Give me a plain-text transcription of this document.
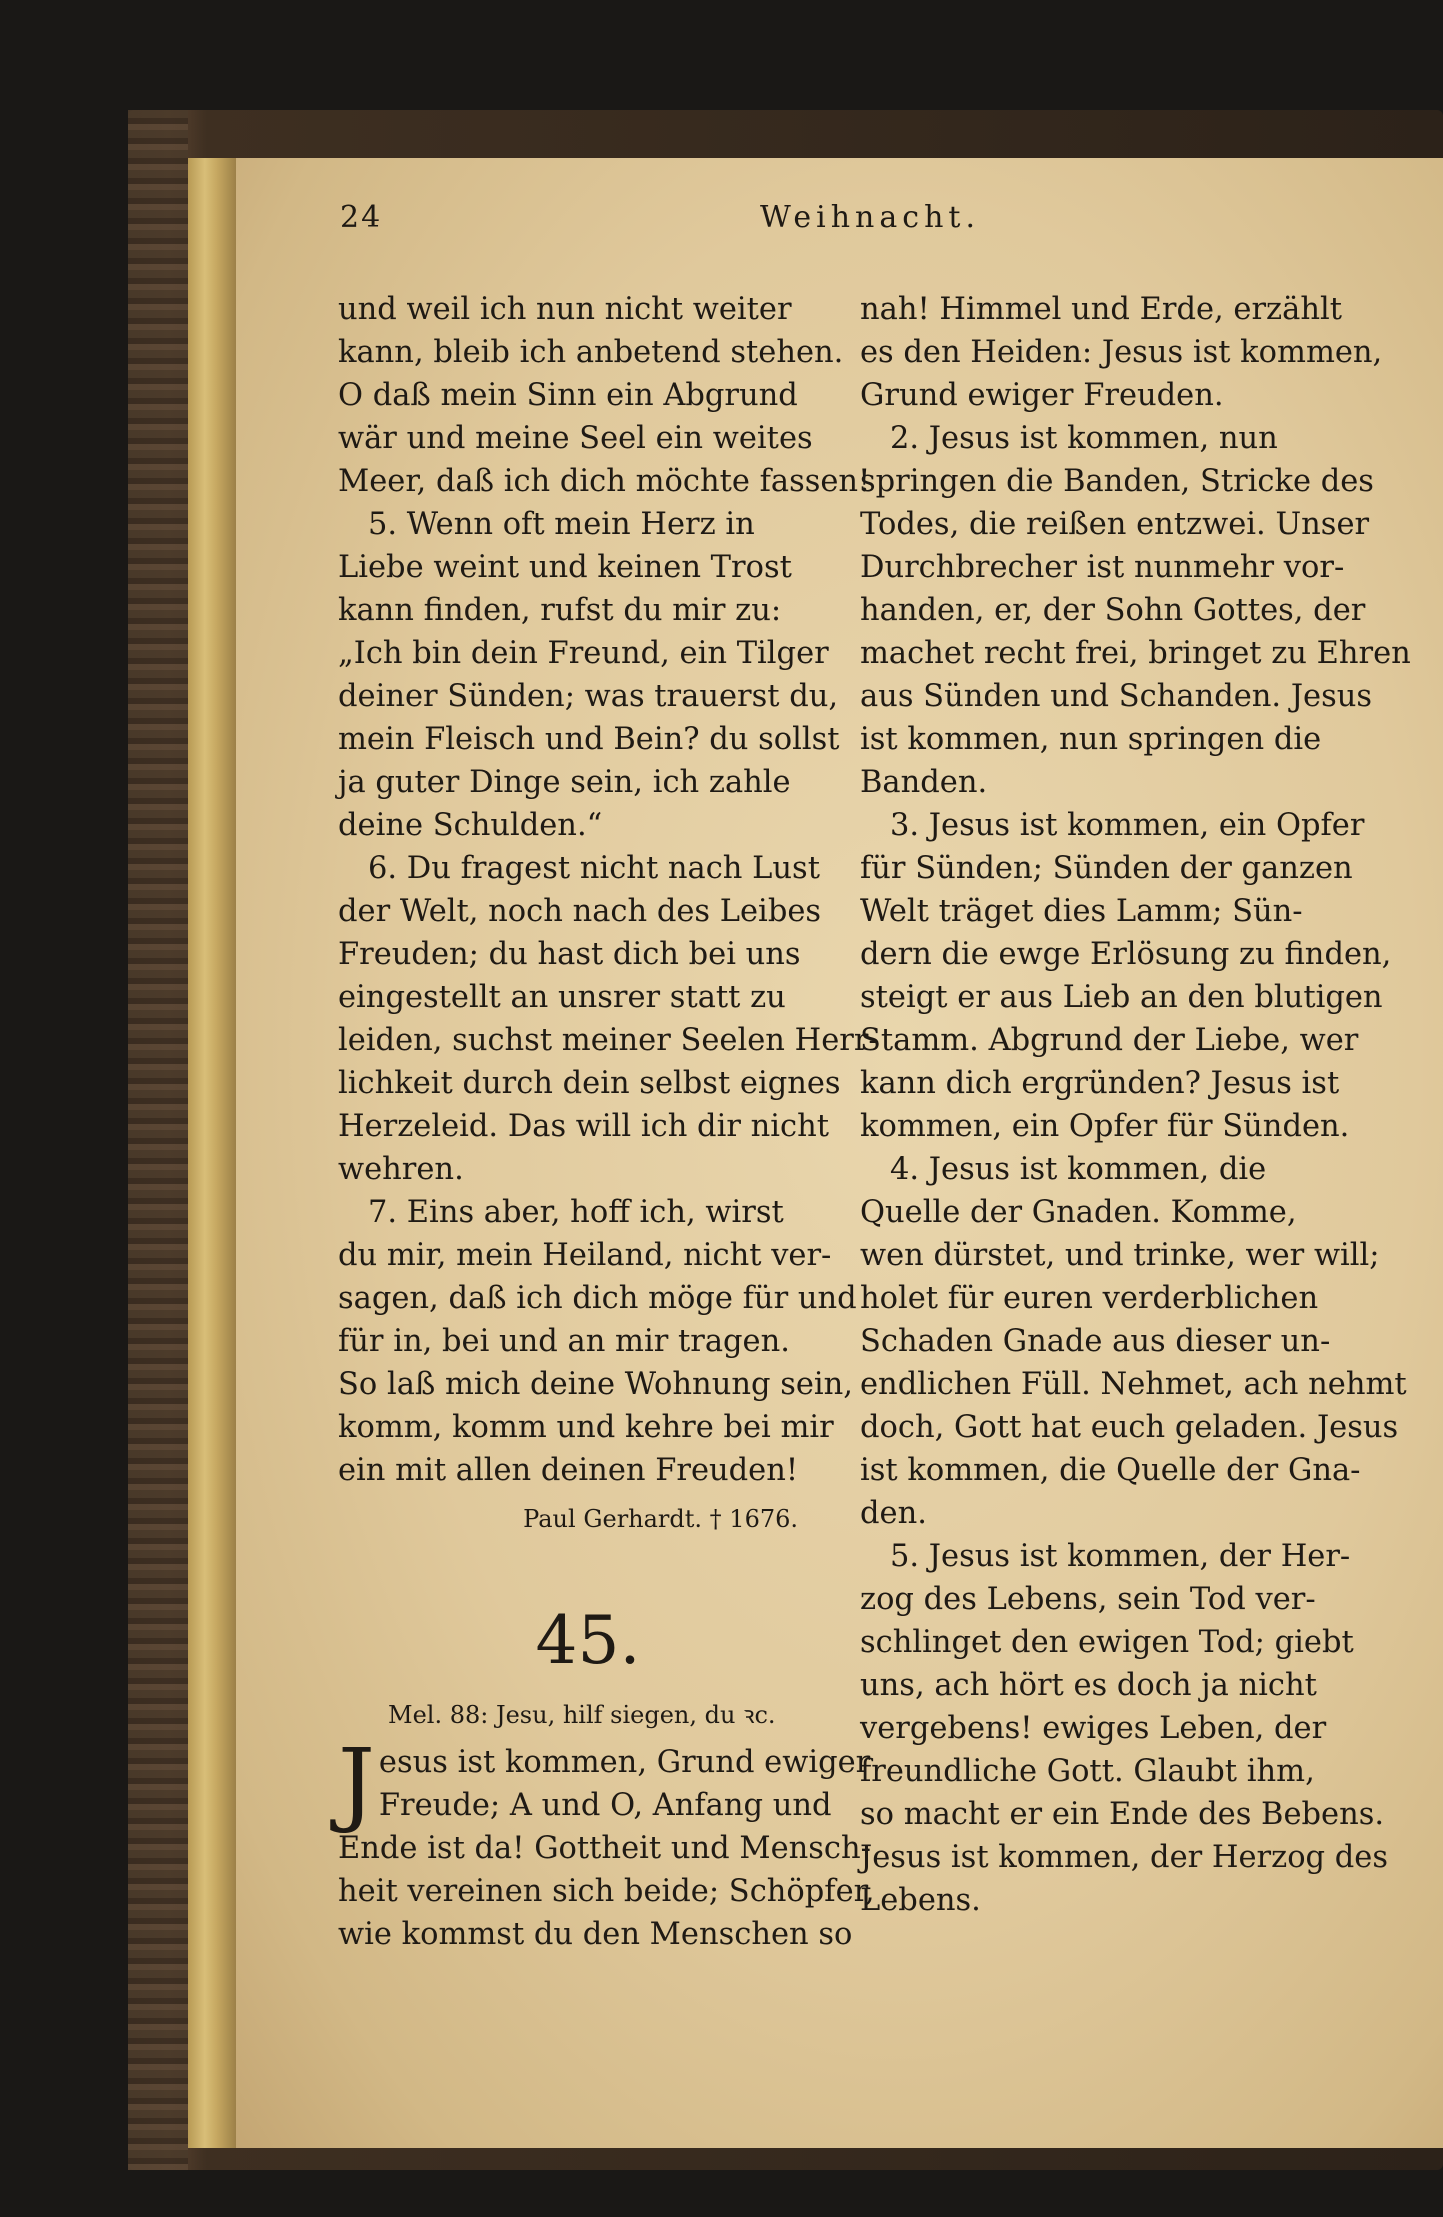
24	Weihnacht.
und weil ich nun nicht weiter
kann, bleib ich anbetend stehen.
O daß mein Sinn ein Abgrund
wär und meine Seel ein weites
Meer, daß ich dich möchte fassen!
5. Wenn oft mein Herz in
Liebe weint und keinen Trost
kann finden, rufst du mir zu:
„Ich bin dein Freund, ein Tilger
deiner Sünden; was trauerst du,
mein Fleisch und Bein? du sollst
ja guter Dinge sein, ich zahle
deine Schulden.“
6. Du fragest nicht nach Lust
der Welt, noch nach des Leibes
Freuden; du hast dich bei uns
eingestellt an unsrer statt zu
leiden, suchst meiner Seelen Herr-
lichkeit durch dein selbst eignes
Herzeleid. Das will ich dir nicht
wehren.
7. Eins aber, hoff ich, wirst
du mir, mein Heiland, nicht ver-
sagen, daß ich dich möge für und
für in, bei und an mir tragen.
So laß mich deine Wohnung sein,
komm, komm und kehre bei mir
ein mit allen deinen Freuden!
Paul Gerhardt. † 1676.
45.
Mel. 88: Jesu, hilf siegen, du ꝛc.
J esus ist kommen, Grund ewiger
Freude; A und O, Anfang und
Ende ist da! Gottheit und Mensch-
heit vereinen sich beide; Schöpfer,
wie kommst du den Menschen so
nah! Himmel und Erde, erzählt
es den Heiden: Jesus ist kommen,
Grund ewiger Freuden.
2. Jesus ist kommen, nun
springen die Banden, Stricke des
Todes, die reißen entzwei. Unser
Durchbrecher ist nunmehr vor-
handen, er, der Sohn Gottes, der
machet recht frei, bringet zu Ehren
aus Sünden und Schanden. Jesus
ist kommen, nun springen die
Banden.
3. Jesus ist kommen, ein Opfer
für Sünden; Sünden der ganzen
Welt träget dies Lamm; Sün-
dern die ewge Erlösung zu finden,
steigt er aus Lieb an den blutigen
Stamm. Abgrund der Liebe, wer
kann dich ergründen? Jesus ist
kommen, ein Opfer für Sünden.
4. Jesus ist kommen, die
Quelle der Gnaden. Komme,
wen dürstet, und trinke, wer will;
holet für euren verderblichen
Schaden Gnade aus dieser un-
endlichen Füll. Nehmet, ach nehmt
doch, Gott hat euch geladen. Jesus
ist kommen, die Quelle der Gna-
den.
5. Jesus ist kommen, der Her-
zog des Lebens, sein Tod ver-
schlinget den ewigen Tod; giebt
uns, ach hört es doch ja nicht
vergebens! ewiges Leben, der
freundliche Gott. Glaubt ihm,
so macht er ein Ende des Bebens.
Jesus ist kommen, der Herzog des
Lebens.
